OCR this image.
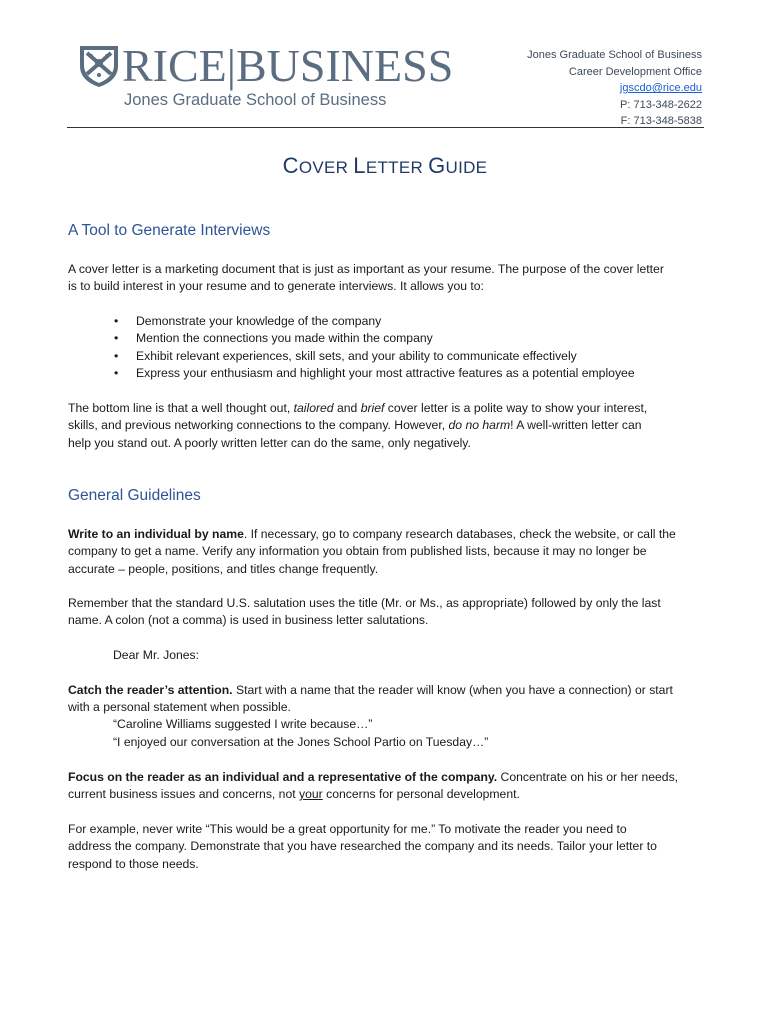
RICE|BUSINESS
Jones Graduate School of Business
Jones Graduate School of Business
Career Development Office
jgscdo@rice.edu
P: 713-348-2622
F: 713-348-5838
COVER LETTER GUIDE
A Tool to Generate Interviews
A cover letter is a marketing document that is just as important as your resume. The purpose of the cover letter
is to build interest in your resume and to generate interviews. It allows you to:
• Demonstrate your knowledge of the company
• Mention the connections you made within the company
• Exhibit relevant experiences, skill sets, and your ability to communicate effectively
• Express your enthusiasm and highlight your most attractive features as a potential employee
The bottom line is that a well thought out, tailored and brief cover letter is a polite way to show your interest,
skills, and previous networking connections to the company. However, do no harm! A well-written letter can
help you stand out. A poorly written letter can do the same, only negatively.
General Guidelines
Write to an individual by name. If necessary, go to company research databases, check the website, or call the
company to get a name. Verify any information you obtain from published lists, because it may no longer be
accurate – people, positions, and titles change frequently.
Remember that the standard U.S. salutation uses the title (Mr. or Ms., as appropriate) followed by only the last
name. A colon (not a comma) is used in business letter salutations.
Dear Mr. Jones:
Catch the reader’s attention. Start with a name that the reader will know (when you have a connection) or start
with a personal statement when possible.
“Caroline Williams suggested I write because…”
“I enjoyed our conversation at the Jones School Partio on Tuesday…”
Focus on the reader as an individual and a representative of the company. Concentrate on his or her needs,
current business issues and concerns, not your concerns for personal development.
For example, never write “This would be a great opportunity for me.” To motivate the reader you need to
address the company. Demonstrate that you have researched the company and its needs. Tailor your letter to
respond to those needs.
